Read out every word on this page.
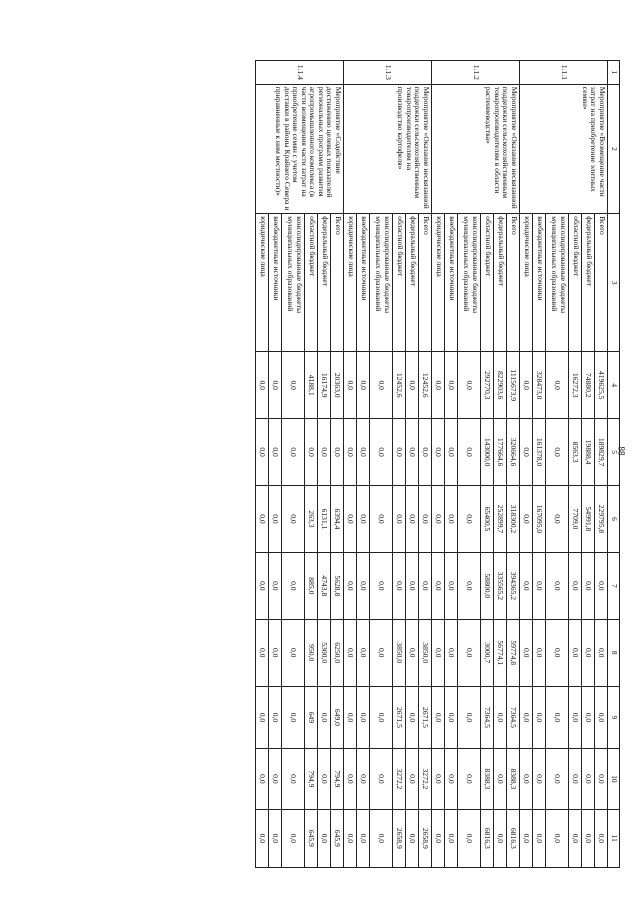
88
1	2	3	4	5	6	7	8	9	10	11
1.1.1	Мероприятие «Возмещение части затрат на приобретение элитных семян»	Всего	419625,5	189829,7	229795,8	0,0	0,0	0,0	0,0	0,0
		федеральный бюджет	74880,2	19888,4	54991,8	0,0	0,0	0,0	0,0	0,0
		областной бюджет	16272,3	8563,3	7709,0	0,0	0,0	0,0	0,0	0,0
		консолидированные бюджеты муниципальных образований	0,0	0,0	0,0	0,0	0,0	0,0	0,0	0,0
		внебюджетные источники	328473,0	161378,0	167095,0	0,0	0,0	0,0	0,0	0,0
		юридические лица	0,0	0,0	0,0	0,0	0,0	0,0	0,0	0,0
1.1.2	Мероприятие «Оказание несвязанной поддержки сельскохозяйственным товаропроизводителям в области растениеводства»	Всего	1115673,9	320664,6	318300,2	394365,2	59774,8	7364,5	8388,3	6816,3
		федеральный бюджет	822903,6	177664,6	252899,7	335565,2	56774,1	0,0	0,0	0,0
		областной бюджет	292770,3	143000,0	65400,5	58800,0	3000,7	7364,5	8388,3	6816,3
		консолидированные бюджеты муниципальных образований	0,0	0,0	0,0	0,0	0,0	0,0	0,0	0,0
		внебюджетные источники	0,0	0,0	0,0	0,0	0,0	0,0	0,0	0,0
		юридические лица	0,0	0,0	0,0	0,0	0,0	0,0	0,0	0,0
1.1.3	Мероприятие «Оказание несвязанной поддержки сельскохозяйственным товаропроизводителям на производство картофеля»	Всего	12452,6	0,0	0,0	0,0	3850,0	2671,5	3272,2	2658,9
		федеральный бюджет	0,0	0,0	0,0	0,0	0,0	0,0	0,0	0,0
		областной бюджет	12452,6	0,0	0,0	0,0	3850,0	2671,5	3272,2	2658,9
		консолидированные бюджеты муниципальных образований	0,0	0,0	0,0	0,0	0,0	0,0	0,0	0,0
		внебюджетные источники	0,0	0,0	0,0	0,0	0,0	0,0	0,0	0,0
		юридические лица	0,0	0,0	0,0	0,0	0,0	0,0	0,0	0,0
1.1.4	Мероприятие «Содействие достижению целевых показателей региональных программ развития агропромышленного комплекса (в части возмещения части затрат на приобретение семян с учетом доставки в районы Крайнего Севера и приравненные к ним местности)»	Всего	20363,0	0,0	6394,4	5628,8	6250,0	649,0	794,9	645,9
		федеральный бюджет	16174,9	0,0	6131,1	4743,8	5300,0	0,0	0,0	0,0
		областной бюджет	4188,1	0,0	263,3	885,0	950,0	649	794,9	645,9
		консолидированные бюджеты муниципальных образований	0,0	0,0	0,0	0,0	0,0	0,0	0,0	0,0
		внебюджетные источники	0,0	0,0	0,0	0,0	0,0	0,0	0,0	0,0
		юридические лица	0,0	0,0	0,0	0,0	0,0	0,0	0,0	0,0
